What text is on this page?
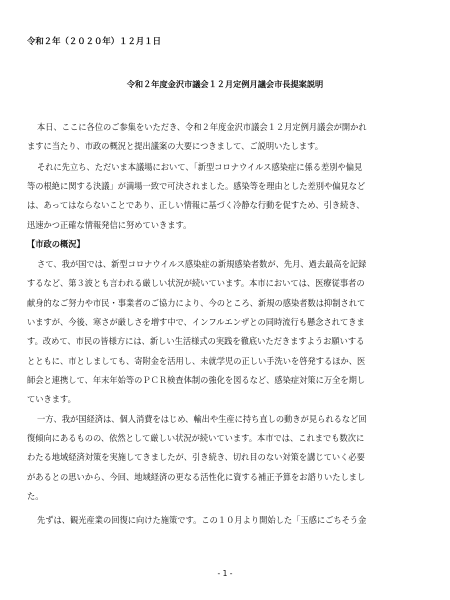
令和２年（２０２０年）１２月１日
令和２年度金沢市議会１２月定例月議会市長提案説明
本日、ここに各位のご参集をいただき、令和２年度金沢市議会１２月定例月議会が開かれ
ますに当たり、市政の概況と提出議案の大要につきまして、ご説明いたします。
それに先立ち、ただいま本議場において、「新型コロナウイルス感染症に係る差別や偏見
等の根絶に関する決議」が満場一致で可決されました。感染等を理由とした差別や偏見など
は、あってはならないことであり、正しい情報に基づく冷静な行動を促すため、引き続き、
迅速かつ正確な情報発信に努めていきます。
【市政の概況】
さて、我が国では、新型コロナウイルス感染症の新規感染者数が、先月、過去最高を記録
するなど、第３波とも言われる厳しい状況が続いています。本市においては、医療従事者の
献身的なご努力や市民・事業者のご協力により、今のところ、新規の感染者数は抑制されて
いますが、今後、寒さが厳しさを増す中で、インフルエンザとの同時流行も懸念されてきま
す。改めて、市民の皆様方には、新しい生活様式の実践を徹底いただきますようお願いする
とともに、市としましても、寄附金を活用し、未就学児の正しい手洗いを啓発するほか、医
師会と連携して、年末年始等のＰＣＲ検査体制の強化を図るなど、感染症対策に万全を期し
ていきます。
一方、我が国経済は、個人消費をはじめ、輸出や生産に持ち直しの動きが見られるなど回
復傾向にあるものの、依然として厳しい状況が続いています。本市では、これまでも数次に
わたる地域経済対策を実施してきましたが、引き続き、切れ目のない対策を講じていく必要
があるとの思いから、今回、地域経済の更なる活性化に資する補正予算をお諮りいたしまし
た。
先ずは、観光産業の回復に向けた施策です。この１０月より開始した「玉感にごちそう金
- 1 -
